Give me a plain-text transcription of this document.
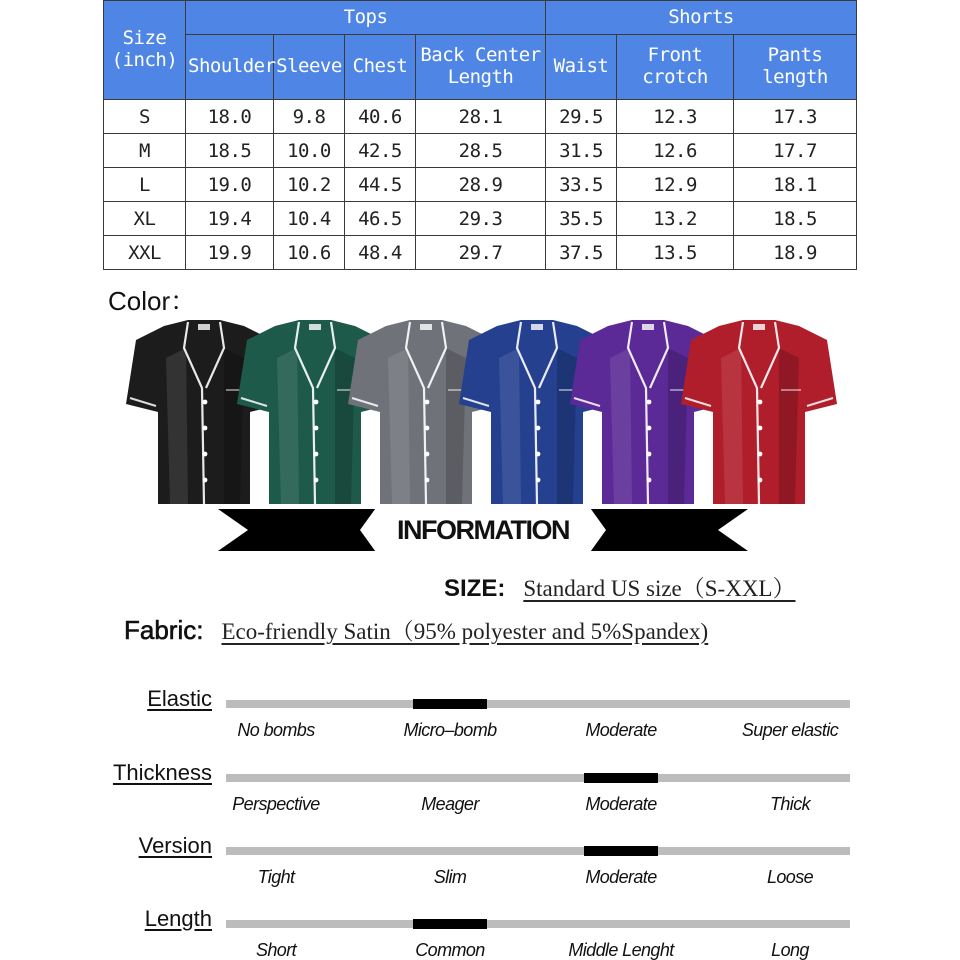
Size (inch)	Tops				Shorts		
	Shoulder	Sleeve	Chest	Back Center Length	Waist	Front crotch	Pants length
S	18.0	9.8	40.6	28.1	29.5	12.3	17.3
M	18.5	10.0	42.5	28.5	31.5	12.6	17.7
L	19.0	10.2	44.5	28.9	33.5	12.9	18.1
XL	19.4	10.4	46.5	29.3	35.5	13.2	18.5
XXL	19.9	10.6	48.4	29.7	37.5	13.5	18.9
Color：
INFORMATION
SIZE: Standard US size（S-XXL）
Fabric: Eco-friendly Satin（95% polyester and 5%Spandex)
Elastic
No bombs	Micro–bomb	Moderate	Super elastic
Thickness
Perspective	Meager	Moderate	Thick
Version
Tight	Slim	Moderate	Loose
Length
Short	Common	Middle Lenght	Long
